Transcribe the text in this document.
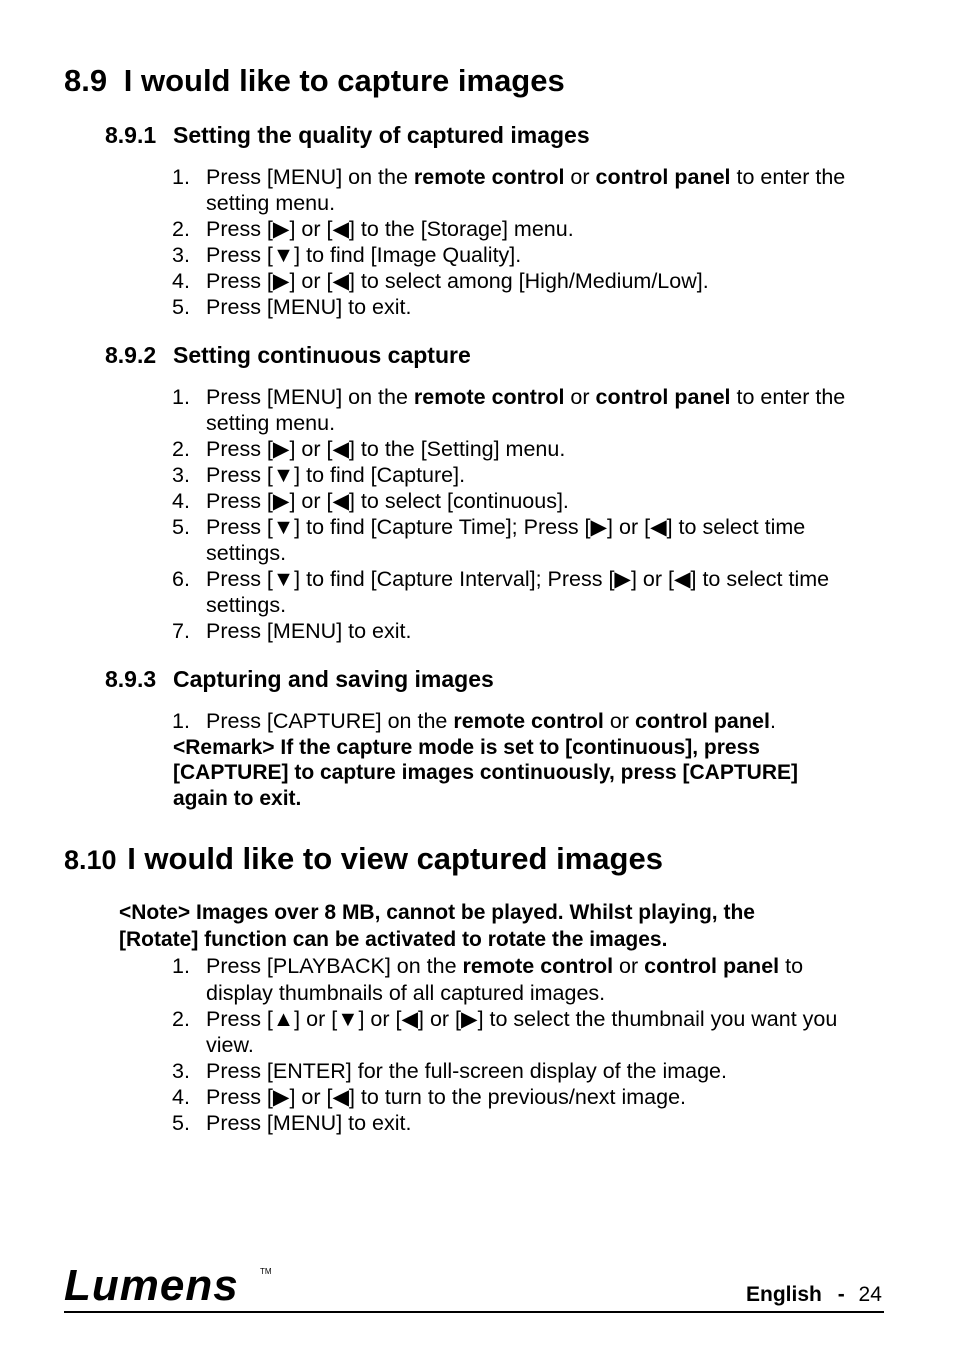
8.9 I would like to capture images
8.9.1 Setting the quality of captured images
1. Press [MENU] on the remote control or control panel to enter the
setting menu.
2. Press [▶] or [◀] to the [Storage] menu.
3. Press [▼] to find [Image Quality].
4. Press [▶] or [◀] to select among [High/Medium/Low].
5. Press [MENU] to exit.
8.9.2 Setting continuous capture
1. Press [MENU] on the remote control or control panel to enter the
setting menu.
2. Press [▶] or [◀] to the [Setting] menu.
3. Press [▼] to find [Capture].
4. Press [▶] or [◀] to select [continuous].
5. Press [▼] to find [Capture Time]; Press [▶] or [◀] to select time
settings.
6. Press [▼] to find [Capture Interval]; Press [▶] or [◀] to select time
settings.
7. Press [MENU] to exit.
8.9.3 Capturing and saving images
1. Press [CAPTURE] on the remote control or control panel.
<Remark> If the capture mode is set to [continuous], press
[CAPTURE] to capture images continuously, press [CAPTURE]
again to exit.
8.10 I would like to view captured images
<Note> Images over 8 MB, cannot be played. Whilst playing, the
[Rotate] function can be activated to rotate the images.
1. Press [PLAYBACK] on the remote control or control panel to
display thumbnails of all captured images.
2. Press [▲] or [▼] or [◀] or [▶] to select the thumbnail you want you
view.
3. Press [ENTER] for the full-screen display of the image.
4. Press [▶] or [◀] to turn to the previous/next image.
5. Press [MENU] to exit.
Lumens	TM
English - 24
